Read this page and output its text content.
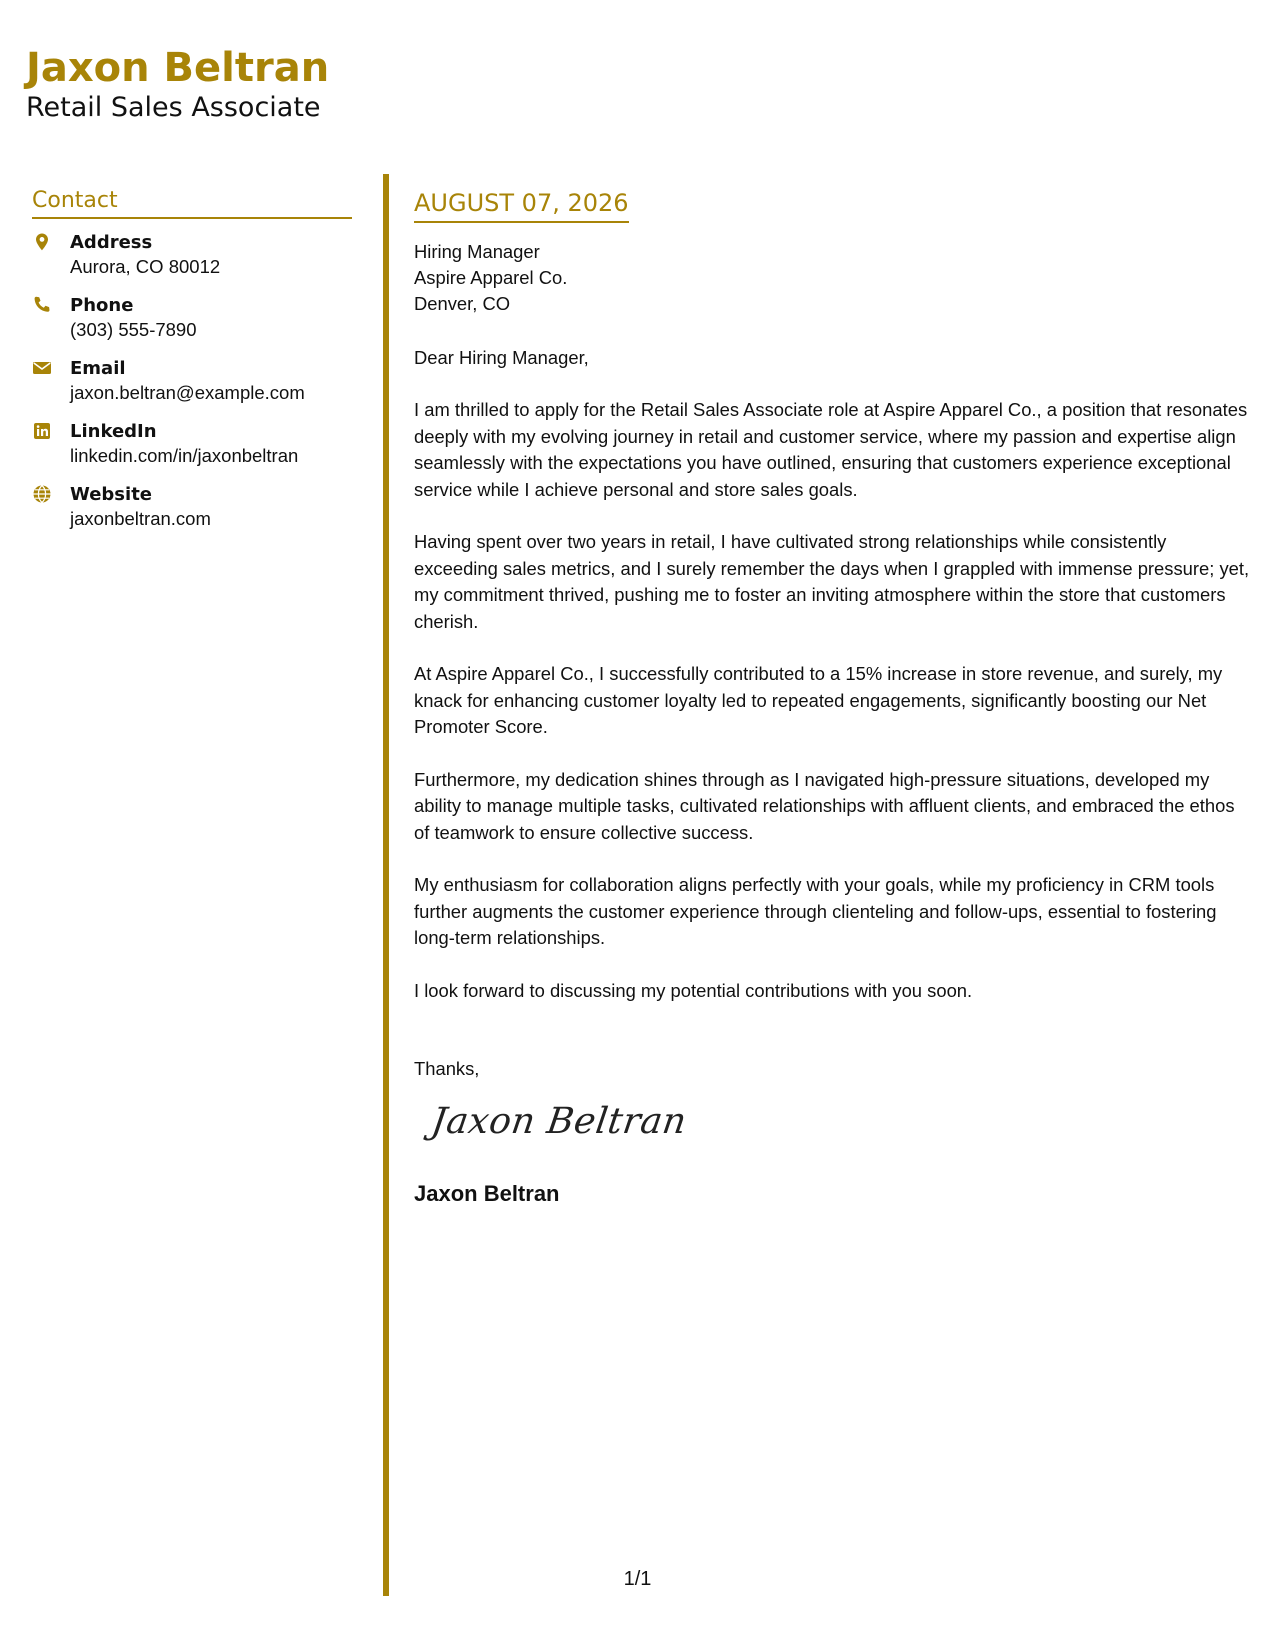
Jaxon Beltran
Retail Sales Associate
Contact
Address
Aurora, CO 80012
Phone
(303) 555-7890
Email
jaxon.beltran@example.com
LinkedIn
linkedin.com/in/jaxonbeltran
Website
jaxonbeltran.com
AUGUST 07, 2026
Hiring Manager
Aspire Apparel Co.
Denver, CO
Dear Hiring Manager,

I am thrilled to apply for the Retail Sales Associate role at Aspire Apparel Co., a position that resonates deeply with my evolving journey in retail and customer service, where my passion and expertise align seamlessly with the expectations you have outlined, ensuring that customers experience exceptional service while I achieve personal and store sales goals.

Having spent over two years in retail, I have cultivated strong relationships while consistently exceeding sales metrics, and I surely remember the days when I grappled with immense pressure; yet, my commitment thrived, pushing me to foster an inviting atmosphere within the store that customers cherish.

At Aspire Apparel Co., I successfully contributed to a 15% increase in store revenue, and surely, my knack for enhancing customer loyalty led to repeated engagements, significantly boosting our Net Promoter Score.

Furthermore, my dedication shines through as I navigated high-pressure situations, developed my ability to manage multiple tasks, cultivated relationships with affluent clients, and embraced the ethos of teamwork to ensure collective success.

My enthusiasm for collaboration aligns perfectly with your goals, while my proficiency in CRM tools further augments the customer experience through clienteling and follow-ups, essential to fostering long-term relationships.

I look forward to discussing my potential contributions with you soon.

Thanks,
Jaxon Beltran
Jaxon Beltran
1/1
